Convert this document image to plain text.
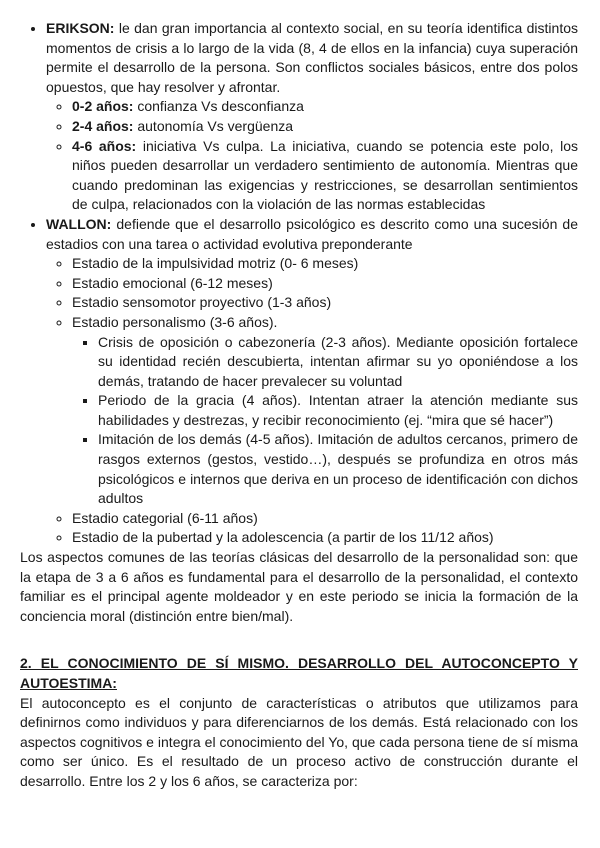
• ERIKSON: le dan gran importancia al contexto social, en su teoría identifica distintos momentos de crisis a lo largo de la vida (8, 4 de ellos en la infancia) cuya superación permite el desarrollo de la persona. Son conflictos sociales básicos, entre dos polos opuestos, que hay resolver y afrontar.
◦ 0-2 años: confianza Vs desconfianza
◦ 2-4 años: autonomía Vs vergüenza
◦ 4-6 años: iniciativa Vs culpa. La iniciativa, cuando se potencia este polo, los niños pueden desarrollar un verdadero sentimiento de autonomía. Mientras que cuando predominan las exigencias y restricciones, se desarrollan sentimientos de culpa, relacionados con la violación de las normas establecidas
• WALLON: defiende que el desarrollo psicológico es descrito como una sucesión de estadios con una tarea o actividad evolutiva preponderante
◦ Estadio de la impulsividad motriz (0- 6 meses)
◦ Estadio emocional (6-12 meses)
◦ Estadio sensomotor proyectivo (1-3 años)
◦ Estadio personalismo (3-6 años).
▪ Crisis de oposición o cabezonería (2-3 años). Mediante oposición fortalece su identidad recién descubierta, intentan afirmar su yo oponiéndose a los demás, tratando de hacer prevalecer su voluntad
▪ Periodo de la gracia (4 años). Intentan atraer la atención mediante sus habilidades y destrezas, y recibir reconocimiento (ej. “mira que sé hacer”)
▪ Imitación de los demás (4-5 años). Imitación de adultos cercanos, primero de rasgos externos (gestos, vestido…), después se profundiza en otros más psicológicos e internos que deriva en un proceso de identificación con dichos adultos
◦ Estadio categorial (6-11 años)
◦ Estadio de la pubertad y la adolescencia (a partir de los 11/12 años)

Los aspectos comunes de las teorías clásicas del desarrollo de la personalidad son: que la etapa de 3 a 6 años es fundamental para el desarrollo de la personalidad, el contexto familiar es el principal agente moldeador y en este periodo se inicia la formación de la conciencia moral (distinción entre bien/mal).

2. EL CONOCIMIENTO DE SÍ MISMO. DESARROLLO DEL AUTOCONCEPTO Y AUTOESTIMA:

El autoconcepto es el conjunto de características o atributos que utilizamos para definirnos como individuos y para diferenciarnos de los demás. Está relacionado con los aspectos cognitivos e integra el conocimiento del Yo, que cada persona tiene de sí misma como ser único. Es el resultado de un proceso activo de construcción durante el desarrollo. Entre los 2 y los 6 años, se caracteriza por:
